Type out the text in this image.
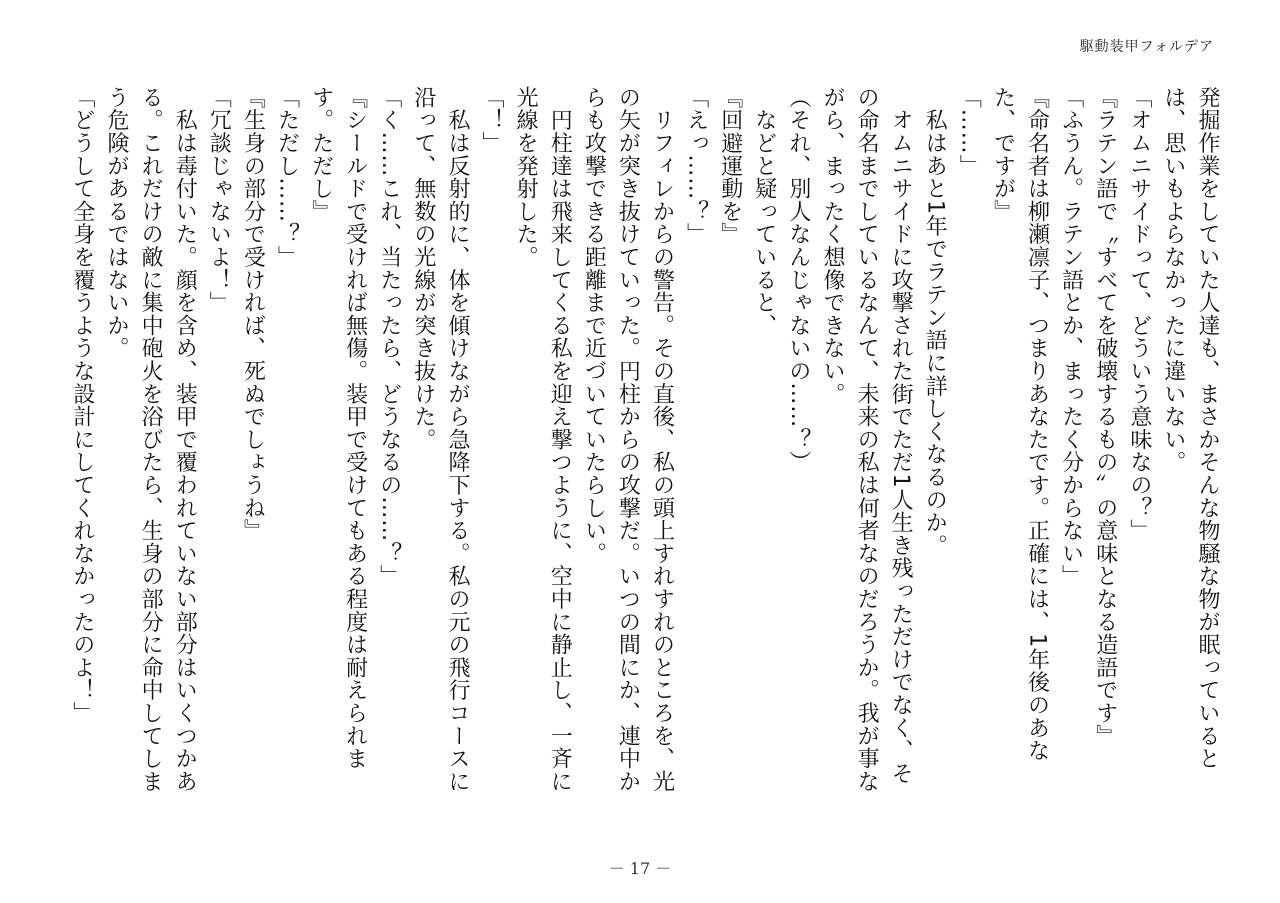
駆動装甲フォルデア

発掘作業をしていた人達も、まさかそんな物騒な物が眠っているとは、思いもよらなかったに違いない。

「オムニサイドって、どういう意味なの？」

『ラテン語で〝すべてを破壊するもの〟の意味となる造語です』

「ふうん。ラテン語とか、まったく分からない」

『命名者は柳瀬凛子、つまりあなたです。正確には、1年後のあなた、ですが』

「……」

　私はあと1年でラテン語に詳しくなるのか。

　オムニサイドに攻撃された街でただ1人生き残っただけでなく、その命名までしているなんて、未来の私は何者なのだろうか。我が事ながら、まったく想像できない。

（それ、別人なんじゃないの……？）

　などと疑っていると、

『回避運動を』

「えっ……？」

　リフィレからの警告。その直後、私の頭上すれすれのところを、光の矢が突き抜けていった。円柱からの攻撃だ。いつの間にか、連中からも攻撃できる距離まで近づいていたらしい。

　円柱達は飛来してくる私を迎え撃つように、空中に静止し、一斉に光線を発射した。

「！」

　私は反射的に、体を傾けながら急降下する。私の元の飛行コースに沿って、無数の光線が突き抜けた。

「く……これ、当たったら、どうなるの……？」

『シールドで受ければ無傷。装甲で受けてもある程度は耐えられます。ただし』

「ただし……？」

『生身の部分で受ければ、死ぬでしょうね』

「冗談じゃないよ！」

　私は毒付いた。顔を含め、装甲で覆われていない部分はいくつかある。これだけの敵に集中砲火を浴びたら、生身の部分に命中してしまう危険があるではないか。

「どうして全身を覆うような設計にしてくれなかったのよ！」

－ 17 －
